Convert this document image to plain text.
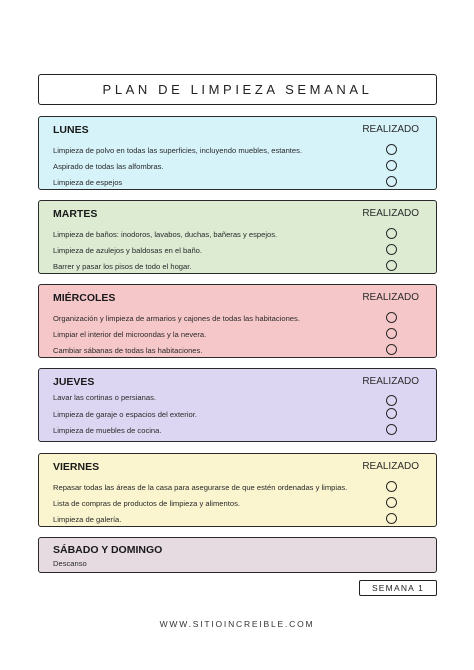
PLAN DE LIMPIEZA SEMANAL
LUNES	REALIZADO
Limpieza de polvo en todas las superficies, incluyendo muebles, estantes.
Aspirado de todas las alfombras.
Limpieza de espejos
MARTES	REALIZADO
Limpieza de baños: inodoros, lavabos, duchas, bañeras y espejos.
Limpieza de azulejos y baldosas en el baño.
Barrer y pasar los pisos de todo el hogar.
MIÉRCOLES	REALIZADO
Organización y limpieza de armarios y cajones de todas las habitaciones.
Limpiar el interior del microondas y la nevera.
Cambiar sábanas de todas las habitaciones.
JUEVES	REALIZADO
Lavar las cortinas o persianas.
Limpieza de garaje o espacios del exterior.
Limpieza de muebles de cocina.
VIERNES	REALIZADO
Repasar todas las áreas de la casa para asegurarse de que estén ordenadas y limpias.
Lista de compras de productos de limpieza y alimentos.
Limpieza de galería.
SÁBADO Y DOMINGO
Descanso
SEMANA 1
WWW.SITIOINCREIBLE.COM
